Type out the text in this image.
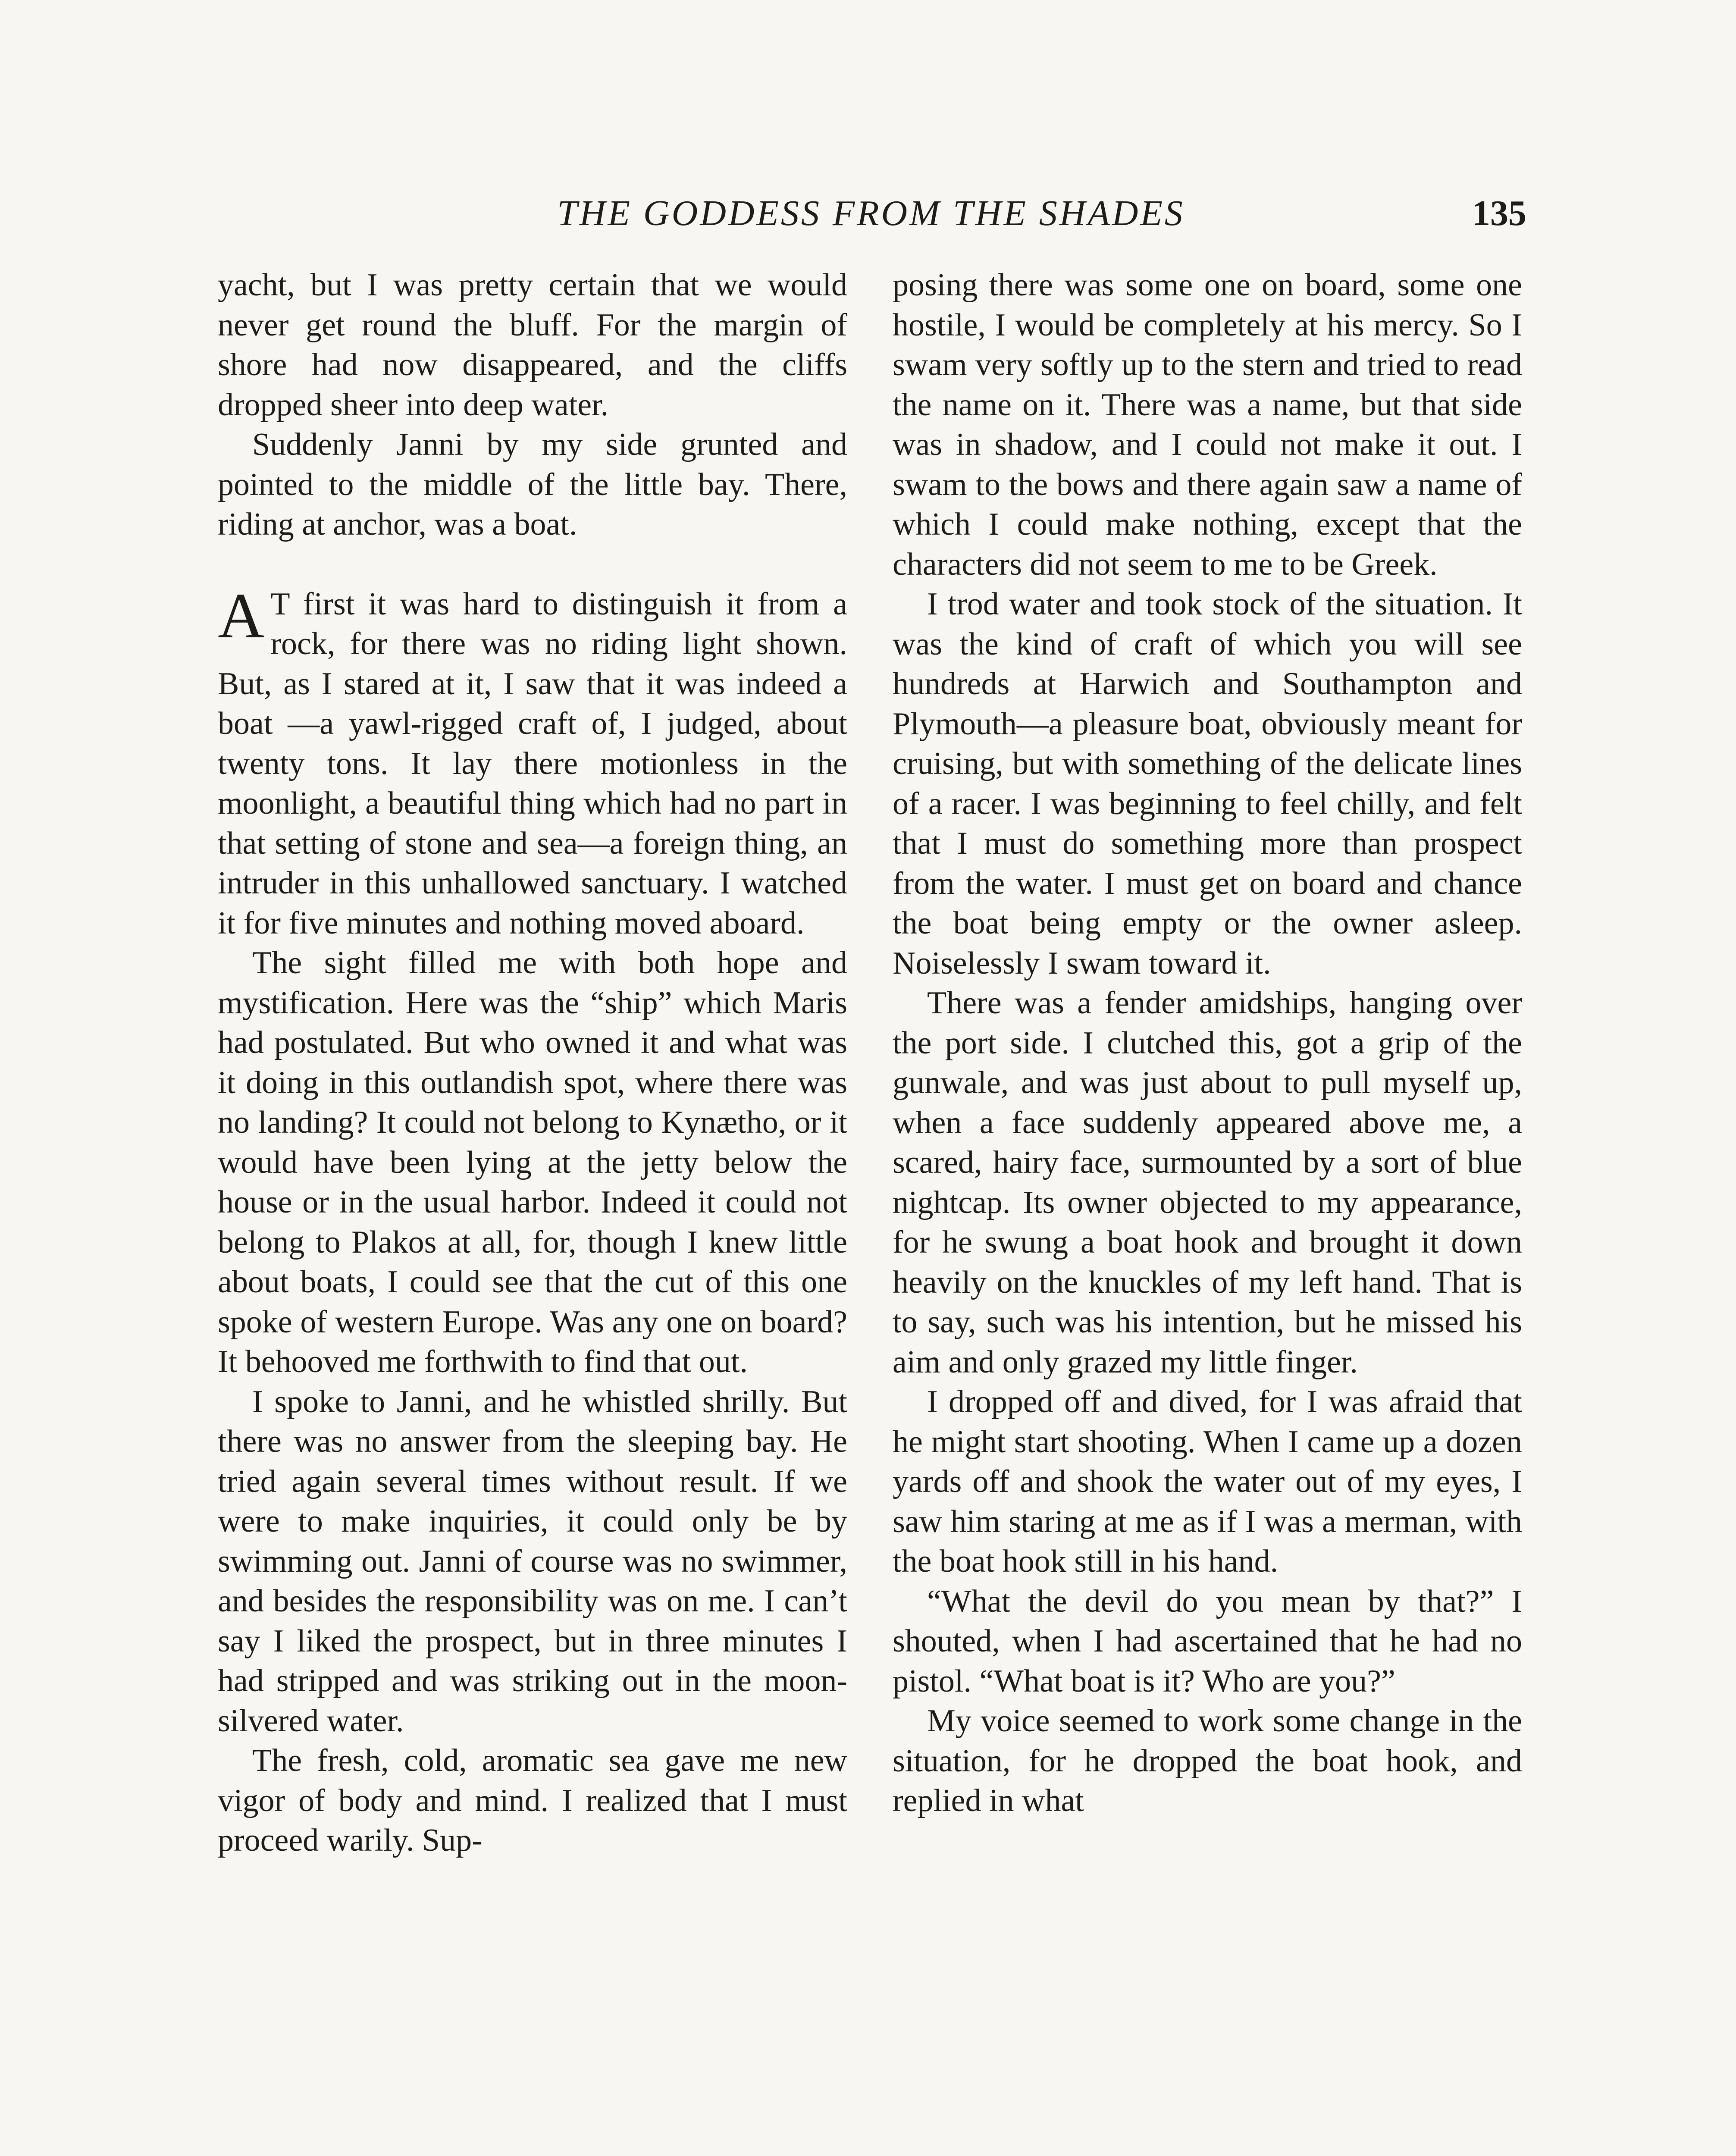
THE GODDESS FROM THE SHADES	135

yacht, but I was pretty certain that we would never get round the bluff. For the margin of shore had now disappeared, and the cliffs dropped sheer into deep water.

Suddenly Janni by my side grunted and pointed to the middle of the little bay. There, riding at anchor, was a boat.

A T first it was hard to distinguish it from a rock, for there was no riding light shown. But, as I stared at it, I saw that it was indeed a boat —a yawl-rigged craft of, I judged, about twenty tons. It lay there motionless in the moonlight, a beautiful thing which had no part in that setting of stone and sea—a foreign thing, an intruder in this unhallowed sanctuary. I watched it for five minutes and nothing moved aboard.

The sight filled me with both hope and mystification. Here was the “ship” which Maris had postulated. But who owned it and what was it doing in this outlandish spot, where there was no landing? It could not belong to Kynætho, or it would have been lying at the jetty below the house or in the usual harbor. Indeed it could not belong to Plakos at all, for, though I knew little about boats, I could see that the cut of this one spoke of western Europe. Was any one on board? It behooved me forthwith to find that out.

I spoke to Janni, and he whistled shrilly. But there was no answer from the sleeping bay. He tried again several times without result. If we were to make inquiries, it could only be by swimming out. Janni of course was no swimmer, and besides the responsibility was on me. I can’t say I liked the prospect, but in three minutes I had stripped and was striking out in the moon-silvered water.

The fresh, cold, aromatic sea gave me new vigor of body and mind. I realized that I must proceed warily. Sup-

posing there was some one on board, some one hostile, I would be completely at his mercy. So I swam very softly up to the stern and tried to read the name on it. There was a name, but that side was in shadow, and I could not make it out. I swam to the bows and there again saw a name of which I could make nothing, except that the characters did not seem to me to be Greek.

I trod water and took stock of the situation. It was the kind of craft of which you will see hundreds at Harwich and Southampton and Plymouth—a pleasure boat, obviously meant for cruising, but with something of the delicate lines of a racer. I was beginning to feel chilly, and felt that I must do something more than prospect from the water. I must get on board and chance the boat being empty or the owner asleep. Noiselessly I swam toward it.

There was a fender amidships, hanging over the port side. I clutched this, got a grip of the gunwale, and was just about to pull myself up, when a face suddenly appeared above me, a scared, hairy face, surmounted by a sort of blue nightcap. Its owner objected to my appearance, for he swung a boat hook and brought it down heavily on the knuckles of my left hand. That is to say, such was his intention, but he missed his aim and only grazed my little finger.

I dropped off and dived, for I was afraid that he might start shooting. When I came up a dozen yards off and shook the water out of my eyes, I saw him staring at me as if I was a merman, with the boat hook still in his hand.

“What the devil do you mean by that?” I shouted, when I had ascertained that he had no pistol. “What boat is it? Who are you?”

My voice seemed to work some change in the situation, for he dropped the boat hook, and replied in what
